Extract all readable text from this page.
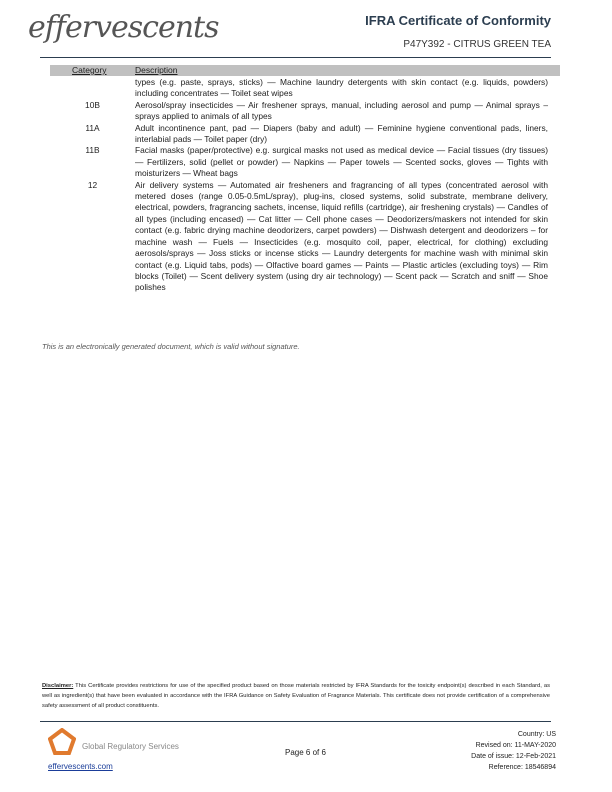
effervescents	IFRA Certificate of Conformity
P47Y392 - CITRUS GREEN TEA
Category	Description
types (e.g. paste, sprays, sticks) — Machine laundry detergents with skin contact (e.g. liquids, powders) including concentrates — Toilet seat wipes
10B	Aerosol/spray insecticides — Air freshener sprays, manual, including aerosol and pump — Animal sprays – sprays applied to animals of all types
11A	Adult incontinence pant, pad — Diapers (baby and adult) — Feminine hygiene conventional pads, liners, interlabial pads — Toilet paper (dry)
11B	Facial masks (paper/protective) e.g. surgical masks not used as medical device — Facial tissues (dry tissues) — Fertilizers, solid (pellet or powder) — Napkins — Paper towels — Scented socks, gloves — Tights with moisturizers — Wheat bags
12	Air delivery systems — Automated air fresheners and fragrancing of all types (concentrated aerosol with metered doses (range 0.05-0.5mL/spray), plug-ins, closed systems, solid substrate, membrane delivery, electrical, powders, fragrancing sachets, incense, liquid refills (cartridge), air freshening crystals) — Candles of all types (including encased) — Cat litter — Cell phone cases — Deodorizers/maskers not intended for skin contact (e.g. fabric drying machine deodorizers, carpet powders) — Dishwash detergent and deodorizers – for machine wash — Fuels — Insecticides (e.g. mosquito coil, paper, electrical, for clothing) excluding aerosols/sprays — Joss sticks or incense sticks — Laundry detergents for machine wash with minimal skin contact (e.g. Liquid tabs, pods) — Olfactive board games — Paints — Plastic articles (excluding toys) — Rim blocks (Toilet) — Scent delivery system (using dry air technology) — Scent pack — Scratch and sniff — Shoe polishes
This is an electronically generated document, which is valid without signature.
Disclaimer: This Certificate provides restrictions for use of the specified product based on those materials restricted by IFRA Standards for the toxicity endpoint(s) described in each Standard, as well as ingredient(s) that have been evaluated in accordance with the IFRA Guidance on Safety Evaluation of Fragrance Materials. This certificate does not provide certification of a comprehensive safety assessment of all product constituents.
Global Regulatory Services
effervescents.com
Page 6 of 6
Country: US
Revised on: 11-MAY-2020
Date of issue: 12-Feb-2021
Reference: 18546894
